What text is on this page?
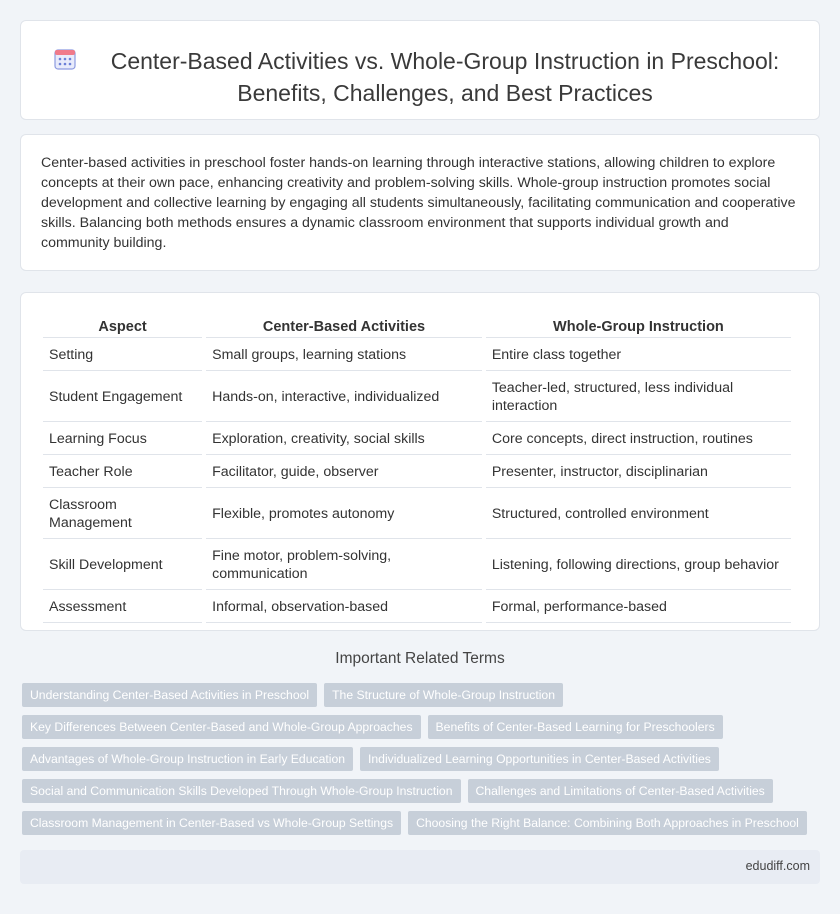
Center-Based Activities vs. Whole-Group Instruction in Preschool: Benefits, Challenges, and Best Practices

Center-based activities in preschool foster hands-on learning through interactive stations, allowing children to explore concepts at their own pace, enhancing creativity and problem-solving skills. Whole-group instruction promotes social development and collective learning by engaging all students simultaneously, facilitating communication and cooperative skills. Balancing both methods ensures a dynamic classroom environment that supports individual growth and community building.

Aspect	Center-Based Activities	Whole-Group Instruction
Setting	Small groups, learning stations	Entire class together
Student Engagement	Hands-on, interactive, individualized	Teacher-led, structured, less individual interaction
Learning Focus	Exploration, creativity, social skills	Core concepts, direct instruction, routines
Teacher Role	Facilitator, guide, observer	Presenter, instructor, disciplinarian
Classroom Management	Flexible, promotes autonomy	Structured, controlled environment
Skill Development	Fine motor, problem-solving, communication	Listening, following directions, group behavior
Assessment	Informal, observation-based	Formal, performance-based
Important Related Terms
Understanding Center-Based Activities in Preschool	The Structure of Whole-Group Instruction
Key Differences Between Center-Based and Whole-Group Approaches	Benefits of Center-Based Learning for Preschoolers
Advantages of Whole-Group Instruction in Early Education	Individualized Learning Opportunities in Center-Based Activities
Social and Communication Skills Developed Through Whole-Group Instruction	Challenges and Limitations of Center-Based Activities
Classroom Management in Center-Based vs Whole-Group Settings	Choosing the Right Balance: Combining Both Approaches in Preschool
edudiff.com
